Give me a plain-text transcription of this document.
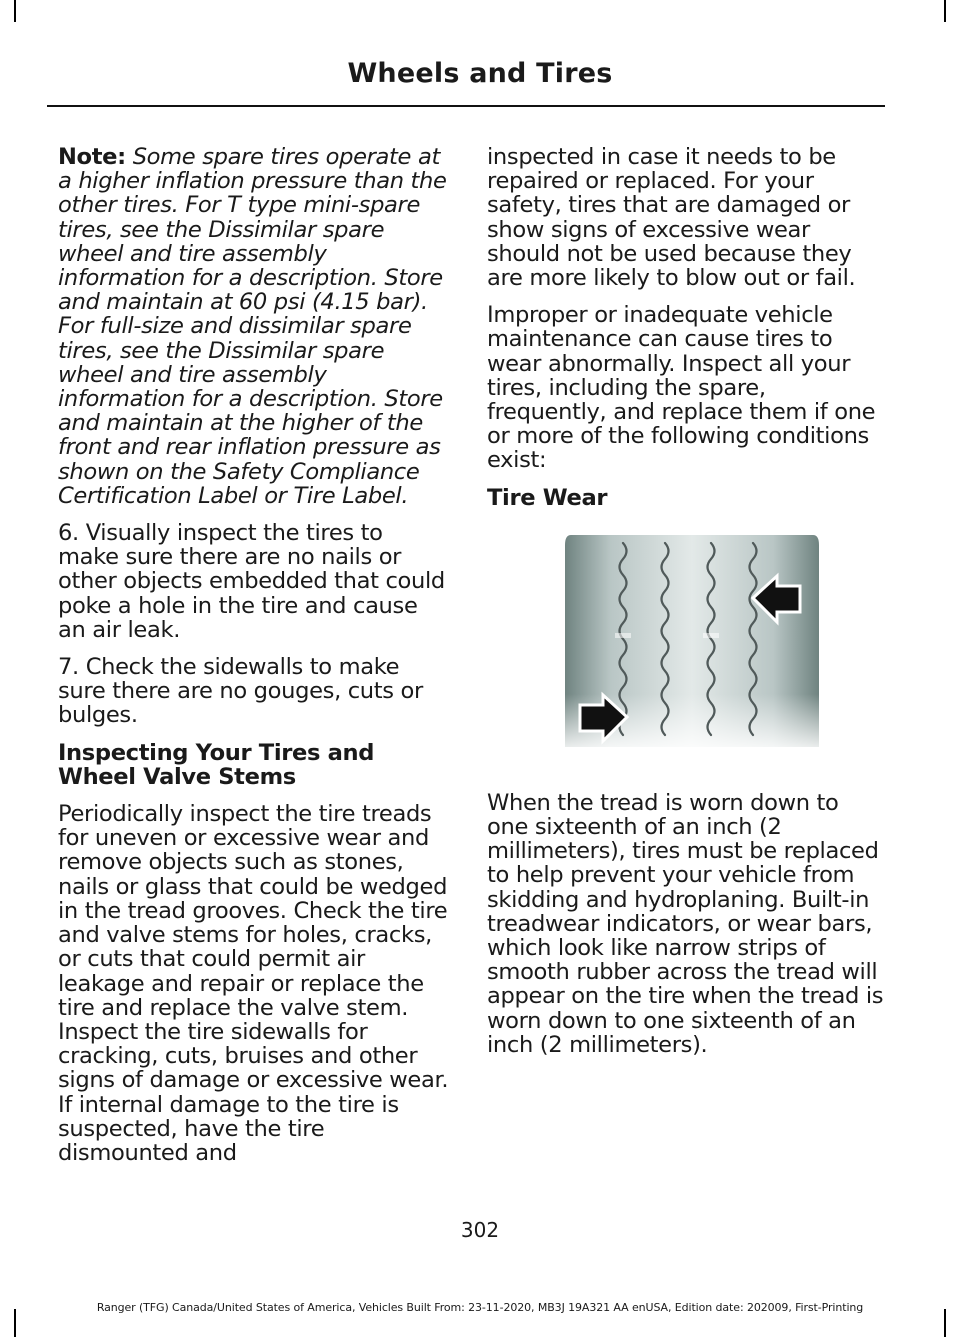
Wheels and Tires

Note: Some spare tires operate at a higher inflation pressure than the other tires. For T type mini-spare tires, see the Dissimilar spare wheel and tire assembly information for a description. Store and maintain at 60 psi (4.15 bar). For full-size and dissimilar spare tires, see the Dissimilar spare wheel and tire assembly information for a description. Store and maintain at the higher of the front and rear inflation pressure as shown on the Safety Compliance Certification Label or Tire Label.

6. Visually inspect the tires to make sure there are no nails or other objects embedded that could poke a hole in the tire and cause an air leak.

7. Check the sidewalls to make sure there are no gouges, cuts or bulges.

Inspecting Your Tires and Wheel Valve Stems

Periodically inspect the tire treads for uneven or excessive wear and remove objects such as stones, nails or glass that could be wedged in the tread grooves. Check the tire and valve stems for holes, cracks, or cuts that could permit air leakage and repair or replace the tire and replace the valve stem. Inspect the tire sidewalls for cracking, cuts, bruises and other signs of damage or excessive wear. If internal damage to the tire is suspected, have the tire dismounted and

inspected in case it needs to be repaired or replaced. For your safety, tires that are damaged or show signs of excessive wear should not be used because they are more likely to blow out or fail.

Improper or inadequate vehicle maintenance can cause tires to wear abnormally. Inspect all your tires, including the spare, frequently, and replace them if one or more of the following conditions exist:

Tire Wear

When the tread is worn down to one sixteenth of an inch (2 millimeters), tires must be replaced to help prevent your vehicle from skidding and hydroplaning. Built-in treadwear indicators, or wear bars, which look like narrow strips of smooth rubber across the tread will appear on the tire when the tread is worn down to one sixteenth of an inch (2 millimeters).

302
Ranger (TFG) Canada/United States of America, Vehicles Built From: 23-11-2020, MB3J 19A321 AA enUSA, Edition date: 202009, First-Printing
